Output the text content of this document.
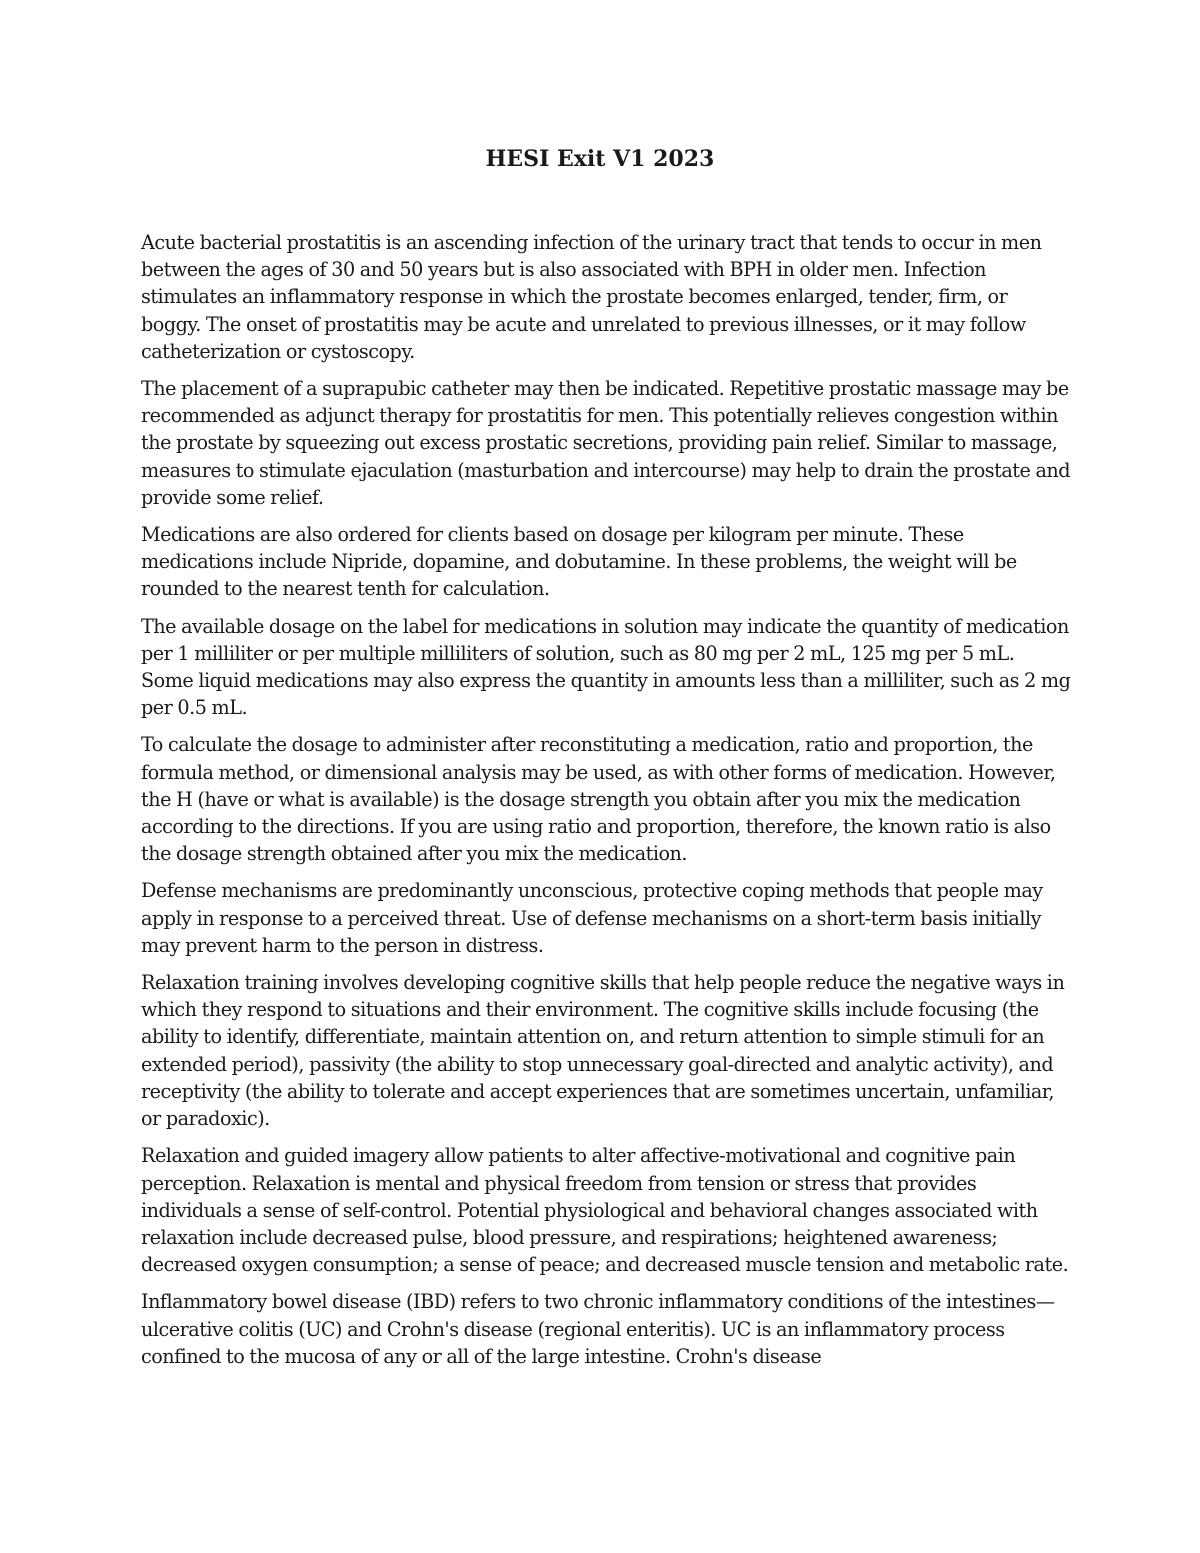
HESI Exit V1 2023

Acute bacterial prostatitis is an ascending infection of the urinary tract that tends to occur in men between the ages of 30 and 50 years but is also associated with BPH in older men. Infection stimulates an inflammatory response in which the prostate becomes enlarged, tender, firm, or boggy. The onset of prostatitis may be acute and unrelated to previous illnesses, or it may follow catheterization or cystoscopy.

The placement of a suprapubic catheter may then be indicated. Repetitive prostatic massage may be recommended as adjunct therapy for prostatitis for men. This potentially relieves congestion within the prostate by squeezing out excess prostatic secretions, providing pain relief. Similar to massage, measures to stimulate ejaculation (masturbation and intercourse) may help to drain the prostate and provide some relief.

Medications are also ordered for clients based on dosage per kilogram per minute. These medications include Nipride, dopamine, and dobutamine. In these problems, the weight will be rounded to the nearest tenth for calculation.

The available dosage on the label for medications in solution may indicate the quantity of medication per 1 milliliter or per multiple milliliters of solution, such as 80 mg per 2 mL, 125 mg per 5 mL. Some liquid medications may also express the quantity in amounts less than a milliliter, such as 2 mg per 0.5 mL.

To calculate the dosage to administer after reconstituting a medication, ratio and proportion, the formula method, or dimensional analysis may be used, as with other forms of medication. However, the H (have or what is available) is the dosage strength you obtain after you mix the medication according to the directions. If you are using ratio and proportion, therefore, the known ratio is also the dosage strength obtained after you mix the medication.

Defense mechanisms are predominantly unconscious, protective coping methods that people may apply in response to a perceived threat. Use of defense mechanisms on a short-term basis initially may prevent harm to the person in distress.

Relaxation training involves developing cognitive skills that help people reduce the negative ways in which they respond to situations and their environment. The cognitive skills include focusing (the ability to identify, differentiate, maintain attention on, and return attention to simple stimuli for an extended period), passivity (the ability to stop unnecessary goal-directed and analytic activity), and receptivity (the ability to tolerate and accept experiences that are sometimes uncertain, unfamiliar, or paradoxic).

Relaxation and guided imagery allow patients to alter affective-motivational and cognitive pain perception. Relaxation is mental and physical freedom from tension or stress that provides individuals a sense of self-control. Potential physiological and behavioral changes associated with relaxation include decreased pulse, blood pressure, and respirations; heightened awareness; decreased oxygen consumption; a sense of peace; and decreased muscle tension and metabolic rate.

Inflammatory bowel disease (IBD) refers to two chronic inflammatory conditions of the intestines—ulcerative colitis (UC) and Crohn's disease (regional enteritis). UC is an inflammatory process confined to the mucosa of any or all of the large intestine. Crohn's disease
